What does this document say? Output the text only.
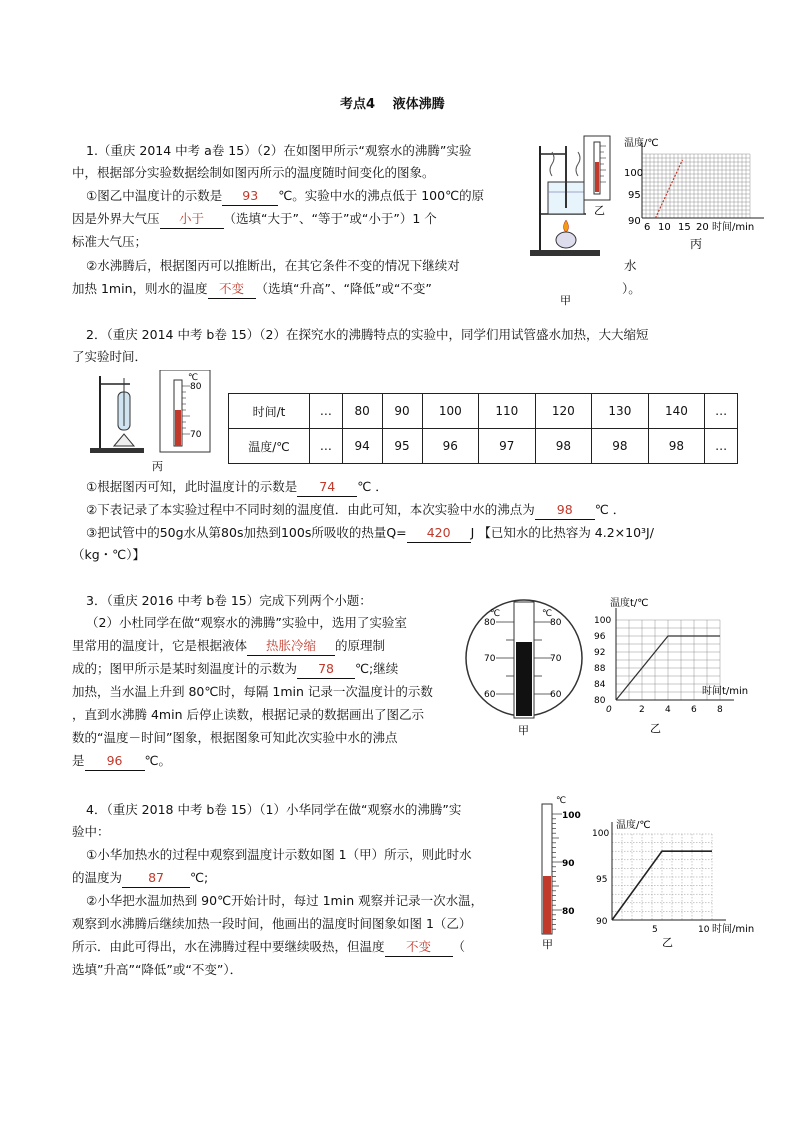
考点4　 液体沸腾
1.（重庆 2014 中考 a卷 15）（2）在如图甲所示“观察水的沸腾”实验
中，根据部分实验数据绘制如图丙所示的温度随时间变化的图象。
①图乙中温度计的示数是 93 ℃。实验中水的沸点低于 100℃的原
因是外界大气压 小于 （选填“大于”、“等于”或“小于”）1 个
标准大气压；
②水沸腾后，根据图丙可以推断出，在其它条件不变的情况下继续对	水
加热 1min，则水的温度 不变 （选填“升高”、“降低”或“不变”	）。
乙
甲
温度/℃
时间/min
100
95
90
6 10 15 20
丙
2．（重庆 2014 中考 b卷 15）（2）在探究水的沸腾特点的实验中，同学们用试管盛水加热，大大缩短
了实验时间．
℃
80
70
丙
时间/t	…	80	90	100	110	120	130	140	…
温度/℃	…	94	95	96	97	98	98	98	…
①根据图丙可知，此时温度计的示数是 74 ℃ ．
②下表记录了本实验过程中不同时刻的温度值．由此可知，本次实验中水的沸点为 98 ℃ ．
③把试管中的50g水从第80s加热到100s所吸收的热量Q= 420 J 【已知水的比热容为 4.2×10³J/
（kg・℃）】
3．（重庆 2016 中考 b卷 15）完成下列两个小题：
（2）小杜同学在做“观察水的沸腾”实验中，选用了实验室
里常用的温度计，它是根据液体 热胀冷缩 的原理制
成的；图甲所示是某时刻温度计的示数为 78 ℃;继续
加热，当水温上升到 80℃时，每隔 1min 记录一次温度计的示数
，直到水沸腾 4min 后停止读数，根据记录的数据画出了图乙示
数的“温度－时间”图象，根据图象可知此次实验中水的沸点
是 96 ℃。
℃	℃
80	80
70	70
60	60
甲
温度t/℃
时间t/min
100
96
92
88
84
80
0	2 4 6 8
乙
4．（重庆 2018 中考 b卷 15）（1）小华同学在做“观察水的沸腾”实
验中：
①小华加热水的过程中观察到温度计示数如图 1（甲）所示，则此时水
的温度为 87 ℃;
②小华把水温加热到 90℃开始计时，每过 1min 观察并记录一次水温，
观察到水沸腾后继续加热一段时间，他画出的温度时间图象如图 1（乙）
所示．由此可得出，水在沸腾过程中要继续吸热，但温度 不变 （
选填”升高”“降低”或“不变”）．
℃
100
90
80
甲
温度/℃
时间/min
100
95
90
5	10
乙
